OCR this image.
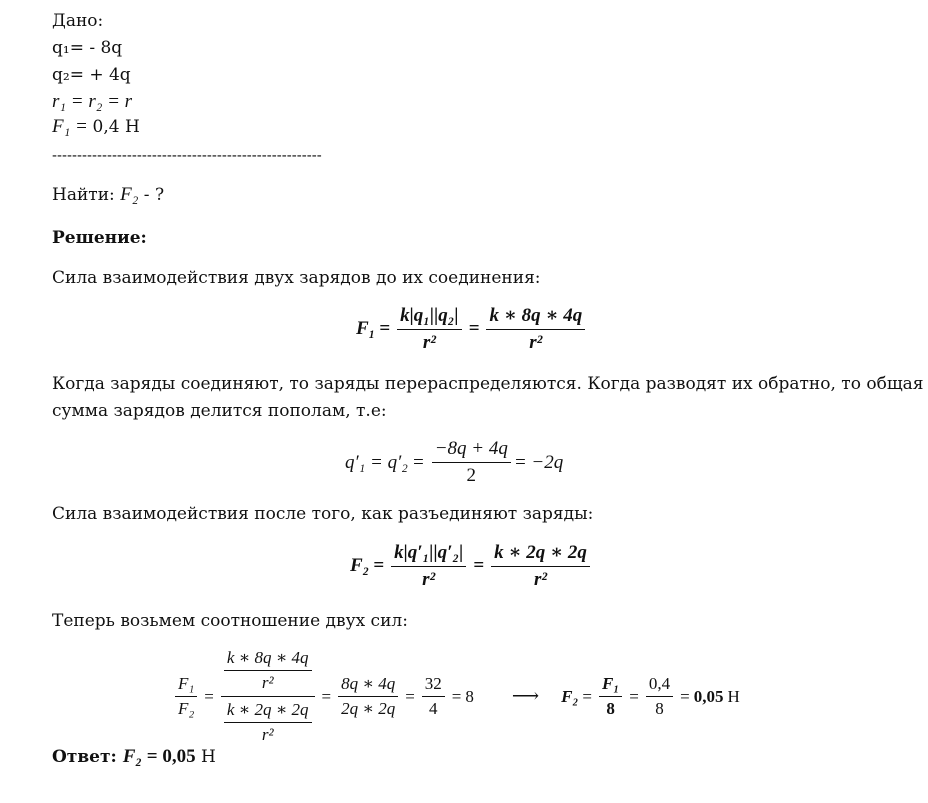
Дано:
q₁= - 8q
q₂= + 4q
r₁ = r₂ = r
F₁ = 0,4 Н
------------------------------------------------------
Найти: F₂ - ?
Решение:
Сила взаимодействия двух зарядов до их соединения:
$F_1 = \frac{\text{k|q₁||q₂|}}{\text{r²}} = \frac{k ∗ 8q ∗ 4q}{\text{r²}}$
Когда заряды соединяют, то заряды перераспределяются. Когда разводят их обратно, то общая
сумма зарядов делится пополам, т.е:
$q'_1 = q'_2 = \frac{-8q + 4q}{2} = -2q$
Сила взаимодействия после того, как разъединяют заряды:
$F_2 = \frac{\text{k|q′₁||q′₂|}}{\text{r²}} = \frac{k ∗ 2q ∗ 2q}{\text{r²}}$
Теперь возьмем соотношение двух сил:
$\frac{\text{F₁}}{\text{F₂}} = \frac{\frac{k ∗ 8q ∗ 4q}{\text{r²}}}{\frac{k ∗ 2q ∗ 2q}{\text{r²}}} = \frac{8q ∗ 4q}{2q ∗ 2q} = \frac{32}{4} = 8$ ⟶ $F_2 = \frac{\text{F₁}}{8} = \frac{0,4}{8} = 0,05$ Н
Ответ: F₂ = 0,05 Н
